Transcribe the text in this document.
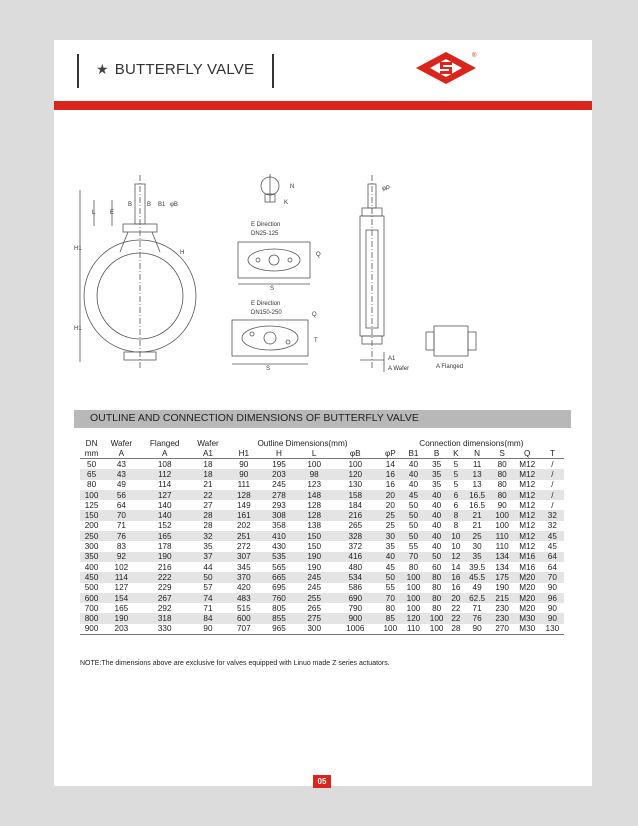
★ BUTTERFLY VALVE
®
L E
B B B1 φB
H
H1
H1
N
K
E Direction
DN25-125
E Direction
DN150-250
Q
S
Q
T
S
φP
A1
A Wafer	A Flanged
OUTLINE AND CONNECTION DIMENSIONS OF BUTTERFLY VALVE
DN	Wafer	Flanged	Wafer	Outline Dimensions(mm)				Connection dimensions(mm)							
mm	A	A	A1	H1	H	L	φB	φP	B1	B	K	N	S	Q	T
50	43	108	18	90	195	100	100	14	40	35	5	11	80	M12	/
65	43	112	18	90	203	98	120	16	40	35	5	13	80	M12	/
80	49	114	21	111	245	123	130	16	40	35	5	13	80	M12	/
100	56	127	22	128	278	148	158	20	45	40	6	16.5	80	M12	/
125	64	140	27	149	293	128	184	20	50	40	6	16.5	90	M12	/
150	70	140	28	161	308	128	216	25	50	40	8	21	100	M12	32
200	71	152	28	202	358	138	265	25	50	40	8	21	100	M12	32
250	76	165	32	251	410	150	328	30	50	40	10	25	110	M12	45
300	83	178	35	272	430	150	372	35	55	40	10	30	110	M12	45
350	92	190	37	307	535	190	416	40	70	50	12	35	134	M16	64
400	102	216	44	345	565	190	480	45	80	60	14	39.5	134	M16	64
450	114	222	50	370	665	245	534	50	100	80	16	45.5	175	M20	70
500	127	229	57	420	695	245	586	55	100	80	16	49	190	M20	90
600	154	267	74	483	760	255	690	70	100	80	20	62.5	215	M20	96
700	165	292	71	515	805	265	790	80	100	80	22	71	230	M20	90
800	190	318	84	600	855	275	900	85	120	100	22	76	230	M30	90
900	203	330	90	707	965	300	1006	100	110	100	28	90	270	M30	130
NOTE:The dimensions above are exclusive for valves equipped with Linuo made Z series actuators.
05
